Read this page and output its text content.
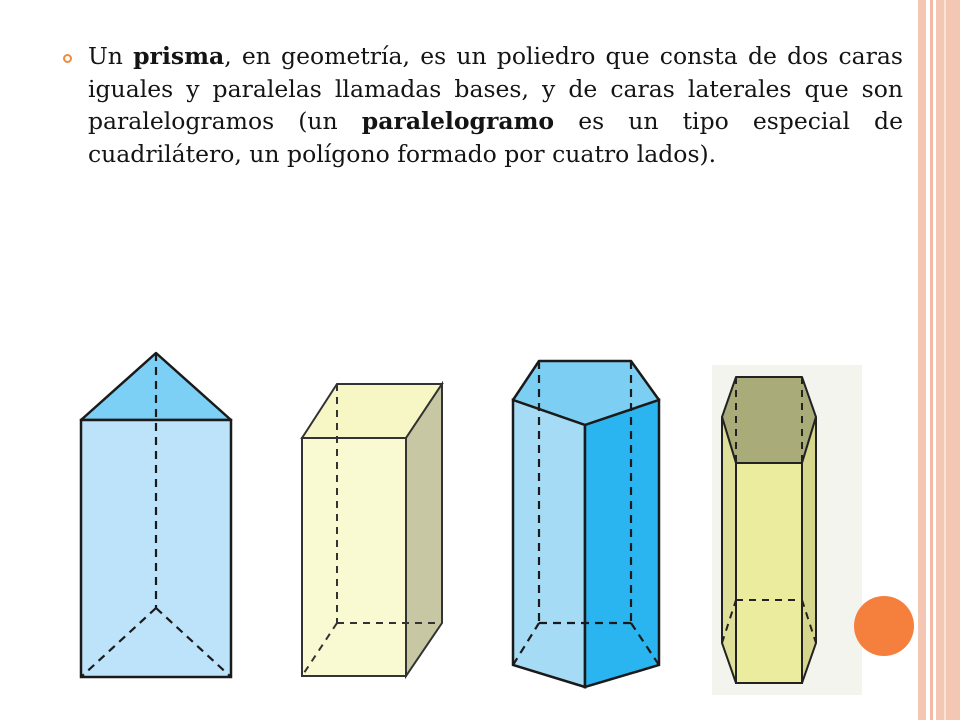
Un prisma, en geometría, es un poliedro que consta de dos caras iguales y paralelas llamadas bases, y de caras laterales que son paralelogramos (un paralelogramo es un tipo especial de cuadrilátero, un polígono formado por cuatro lados).
